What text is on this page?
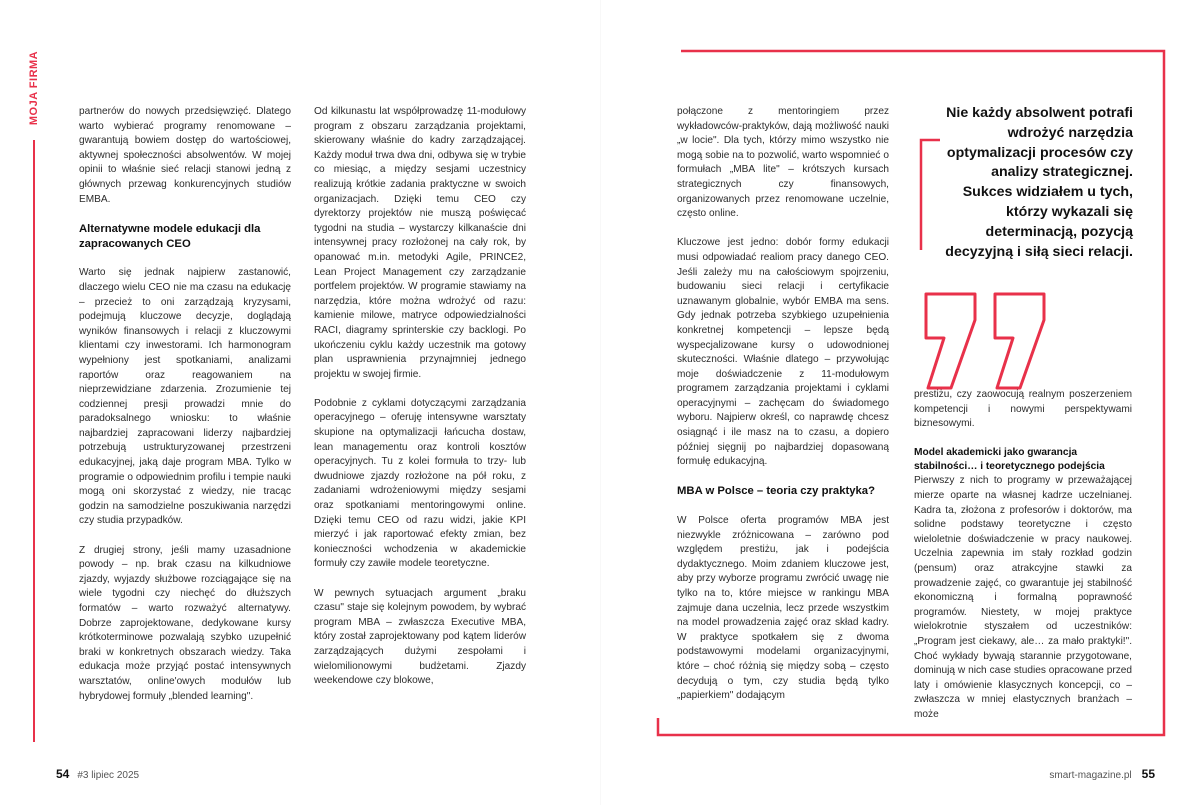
MOJA FIRMA	partnerów do nowych przedsięwzięć. Dlatego warto wybierać programy renomowane – gwarantują bowiem dostęp do wartościowej, aktywnej społeczności absolwentów. W mojej opinii to właśnie sieć relacji stanowi jedną z głównych przewag konkurencyjnych studiów EMBA.

Alternatywne modele edukacji dla zapracowanych CEO

Warto się jednak najpierw zastanowić, dlaczego wielu CEO nie ma czasu na edukację – przecież to oni zarządzają kryzysami, podejmują kluczowe decyzje, doglądają wyników finansowych i relacji z kluczowymi klientami czy inwestorami. Ich harmonogram wypełniony jest spotkaniami, analizami raportów oraz reagowaniem na nieprzewidziane zdarzenia. Zrozumienie tej codziennej presji prowadzi mnie do paradoksalnego wniosku: to właśnie najbardziej zapracowani liderzy najbardziej potrzebują ustrukturyzowanej przestrzeni edukacyjnej, jaką daje program MBA. Tylko w programie o odpowiednim profilu i tempie nauki mogą oni skorzystać z wiedzy, nie tracąc godzin na samodzielne poszukiwania narzędzi czy studia przypadków.

Z drugiej strony, jeśli mamy uzasadnione powody – np. brak czasu na kilkudniowe zjazdy, wyjazdy służbowe rozciągające się na wiele tygodni czy niechęć do dłuższych formatów – warto rozważyć alternatywy. Dobrze zaprojektowane, dedykowane kursy krótkoterminowe pozwalają szybko uzupełnić braki w konkretnych obszarach wiedzy. Taka edukacja może przyjąć postać intensywnych warsztatów, online'owych modułów lub hybrydowej formuły „blended learning".

Od kilkunastu lat współprowadzę 11-modułowy program z obszaru zarządzania projektami, skierowany właśnie do kadry zarządzającej. Każdy moduł trwa dwa dni, odbywa się w trybie co miesiąc, a między sesjami uczestnicy realizują krótkie zadania praktyczne w swoich organizacjach. Dzięki temu CEO czy dyrektorzy projektów nie muszą poświęcać tygodni na studia – wystarczy kilkanaście dni intensywnej pracy rozłożonej na cały rok, by opanować m.in. metodyki Agile, PRINCE2, Lean Project Management czy zarządzanie portfelem projektów. W programie stawiamy na narzędzia, które można wdrożyć od razu: kamienie milowe, matryce odpowiedzialności RACI, diagramy sprinterskie czy backlogi. Po ukończeniu cyklu każdy uczestnik ma gotowy plan usprawnienia przynajmniej jednego projektu w swojej firmie.

Podobnie z cyklami dotyczącymi zarządzania operacyjnego – oferuję intensywne warsztaty skupione na optymalizacji łańcucha dostaw, lean managementu oraz kontroli kosztów operacyjnych. Tu z kolei formuła to trzy- lub dwudniowe zjazdy rozłożone na pół roku, z zadaniami wdrożeniowymi między sesjami oraz spotkaniami mentoringowymi online. Dzięki temu CEO od razu widzi, jakie KPI mierzyć i jak raportować efekty zmian, bez konieczności wchodzenia w akademickie formuły czy zawiłe modele teoretyczne.

W pewnych sytuacjach argument „braku czasu" staje się kolejnym powodem, by wybrać program MBA – zwłaszcza Executive MBA, który został zaprojektowany pod kątem liderów zarządzających dużymi zespołami i wielomilionowymi budżetami. Zjazdy weekendowe czy blokowe,

połączone z mentoringiem przez wykładowców-praktyków, dają możliwość nauki „w locie". Dla tych, którzy mimo wszystko nie mogą sobie na to pozwolić, warto wspomnieć o formułach „MBA lite" – krótszych kursach strategicznych czy finansowych, organizowanych przez renomowane uczelnie, często online.

Kluczowe jest jedno: dobór formy edukacji musi odpowiadać realiom pracy danego CEO. Jeśli zależy mu na całościowym spojrzeniu, budowaniu sieci relacji i certyfikacie uznawanym globalnie, wybór EMBA ma sens. Gdy jednak potrzeba szybkiego uzupełnienia konkretnej kompetencji – lepsze będą wyspecjalizowane kursy o udowodnionej skuteczności. Właśnie dlatego – przywołując moje doświadczenie z 11-modułowym programem zarządzania projektami i cyklami operacyjnymi – zachęcam do świadomego wyboru. Najpierw określ, co naprawdę chcesz osiągnąć i ile masz na to czasu, a dopiero później sięgnij po najbardziej dopasowaną formułę edukacyjną.

MBA w Polsce – teoria czy praktyka?

W Polsce oferta programów MBA jest niezwykle zróżnicowana – zarówno pod względem prestiżu, jak i podejścia dydaktycznego. Moim zdaniem kluczowe jest, aby przy wyborze programu zwrócić uwagę nie tylko na to, które miejsce w rankingu MBA zajmuje dana uczelnia, lecz przede wszystkim na model prowadzenia zajęć oraz skład kadry. W praktyce spotkałem się z dwoma podstawowymi modelami organizacyjnymi, które – choć różnią się między sobą – często decydują o tym, czy studia będą tylko „papierkiem" dodającym

Nie każdy absolwent potrafi wdrożyć narzędzia optymalizacji procesów czy analizy strategicznej. Sukces widziałem u tych, którzy wykazali się determinacją, pozycją decyzyjną i siłą sieci relacji.

prestiżu, czy zaowocują realnym poszerzeniem kompetencji i nowymi perspektywami biznesowymi.

Model akademicki jako gwarancja stabilności… i teoretycznego podejścia

Pierwszy z nich to programy w przeważającej mierze oparte na własnej kadrze uczelnianej. Kadra ta, złożona z profesorów i doktorów, ma solidne podstawy teoretyczne i często wieloletnie doświadczenie w pracy naukowej. Uczelnia zapewnia im stały rozkład godzin (pensum) oraz atrakcyjne stawki za prowadzenie zajęć, co gwarantuje jej stabilność ekonomiczną i formalną poprawność programów. Niestety, w mojej praktyce wielokrotnie styszałem od uczestników: „Program jest ciekawy, ale… za mało praktyki!". Choć wykłady bywają starannie przygotowane, dominują w nich case studies opracowane przed laty i omówienie klasycznych koncepcji, co – zwłaszcza w mniej elastycznych branżach – może

54 #3 lipiec 2025	smart-magazine.pl 55
